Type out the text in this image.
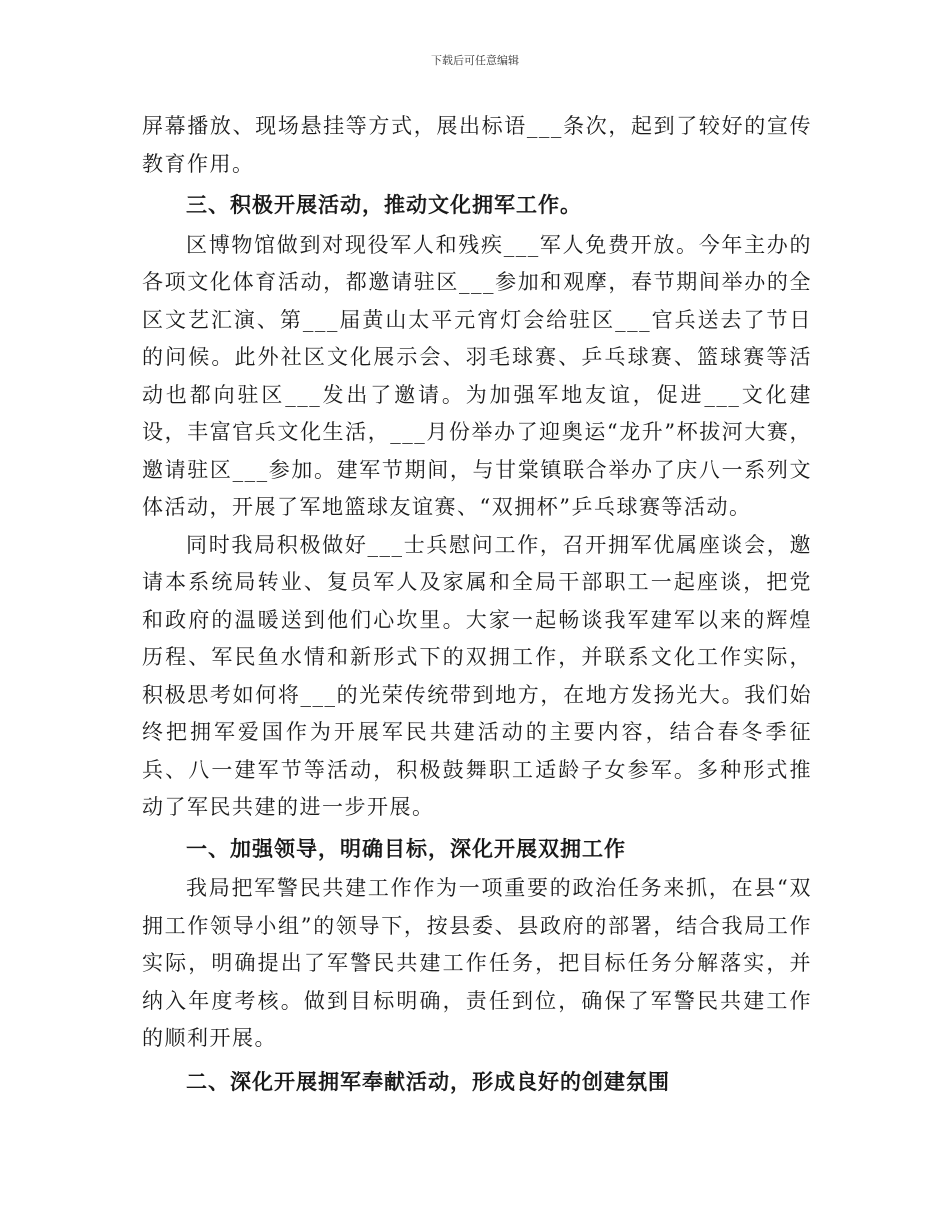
下载后可任意编辑

屏幕播放、现场悬挂等方式，展出标语___条次，起到了较好的宣传教育作用。

三、积极开展活动，推动文化拥军工作。

区博物馆做到对现役军人和残疾___军人免费开放。今年主办的各项文化体育活动，都邀请驻区___参加和观摩，春节期间举办的全区文艺汇演、第___届黄山太平元宵灯会给驻区___官兵送去了节日的问候。此外社区文化展示会、羽毛球赛、乒乓球赛、篮球赛等活动也都向驻区___发出了邀请。为加强军地友谊，促进___文化建设，丰富官兵文化生活，___月份举办了迎奥运“龙升”杯拔河大赛，邀请驻区___参加。建军节期间，与甘棠镇联合举办了庆八一系列文体活动，开展了军地篮球友谊赛、“双拥杯”乒乓球赛等活动。

同时我局积极做好___士兵慰问工作，召开拥军优属座谈会，邀请本系统局转业、复员军人及家属和全局干部职工一起座谈，把党和政府的温暖送到他们心坎里。大家一起畅谈我军建军以来的辉煌历程、军民鱼水情和新形式下的双拥工作，并联系文化工作实际，积极思考如何将___的光荣传统带到地方，在地方发扬光大。我们始终把拥军爱国作为开展军民共建活动的主要内容，结合春冬季征兵、八一建军节等活动，积极鼓舞职工适龄子女参军。多种形式推动了军民共建的进一步开展。

一、加强领导，明确目标，深化开展双拥工作

我局把军警民共建工作作为一项重要的政治任务来抓，在县“双拥工作领导小组”的领导下，按县委、县政府的部署，结合我局工作实际，明确提出了军警民共建工作任务，把目标任务分解落实，并纳入年度考核。做到目标明确，责任到位，确保了军警民共建工作的顺利开展。

二、深化开展拥军奉献活动，形成良好的创建氛围
